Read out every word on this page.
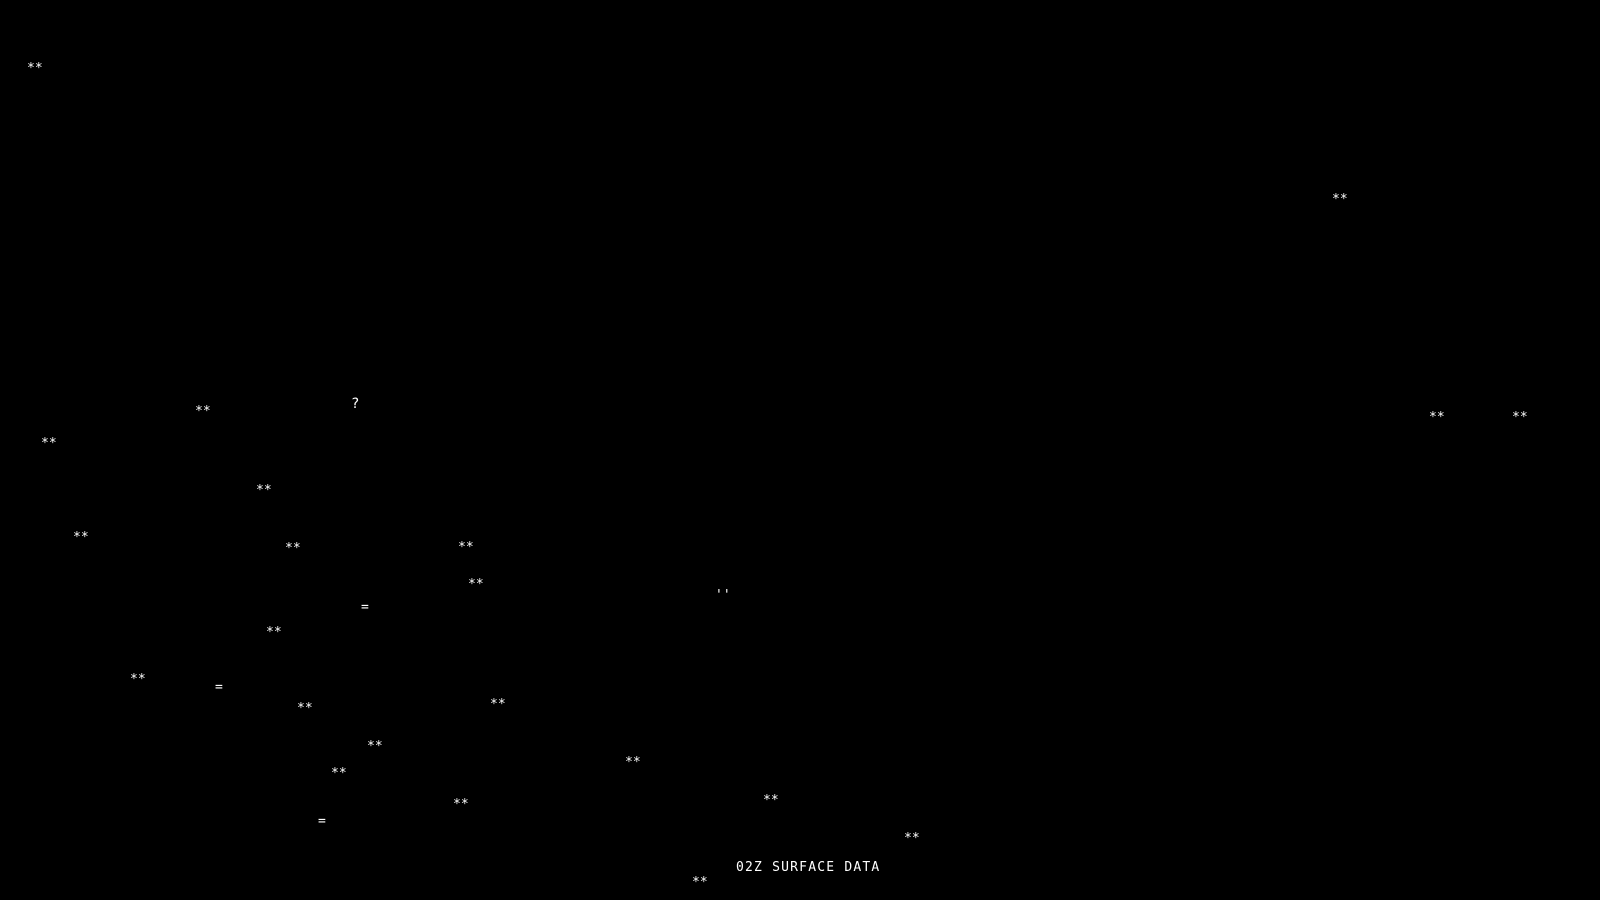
**
**
**	?
**	**
**
**
**
**	**
**
''
=
**
**
=
**	**
**
**
**
**
**
=
**
**
02Z SURFACE DATA
